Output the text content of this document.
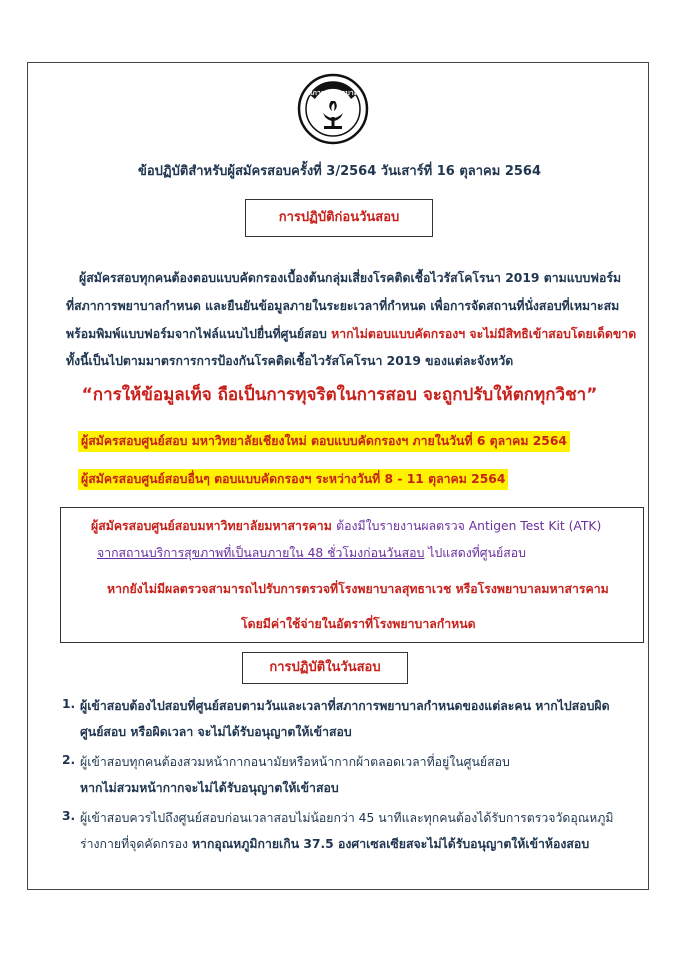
สภาการพยาบาล
ข้อปฏิบัติสำหรับผู้สมัครสอบครั้งที่ 3/2564 วันเสาร์ที่ 16 ตุลาคม 2564
การปฏิบัติก่อนวันสอบ
ผู้สมัครสอบทุกคนต้องตอบแบบคัดกรองเบื้องต้นกลุ่มเสี่ยงโรคติดเชื้อไวรัสโคโรนา 2019 ตามแบบฟอร์ม
ที่สภาการพยาบาลกำหนด และยืนยันข้อมูลภายในระยะเวลาที่กำหนด เพื่อการจัดสถานที่นั่งสอบที่เหมาะสม
พร้อมพิมพ์แบบฟอร์มจากไฟล์แนบไปยื่นที่ศูนย์สอบ หากไม่ตอบแบบคัดกรองฯ จะไม่มีสิทธิเข้าสอบโดยเด็ดขาด
ทั้งนี้เป็นไปตามมาตรการการป้องกันโรคติดเชื้อไวรัสโคโรนา 2019 ของแต่ละจังหวัด
“การให้ข้อมูลเท็จ ถือเป็นการทุจริตในการสอบ จะถูกปรับให้ตกทุกวิชา”
ผู้สมัครสอบศูนย์สอบ มหาวิทยาลัยเชียงใหม่ ตอบแบบคัดกรองฯ ภายในวันที่ 6 ตุลาคม 2564
ผู้สมัครสอบศูนย์สอบอื่นๆ ตอบแบบคัดกรองฯ ระหว่างวันที่ 8 - 11 ตุลาคม 2564
ผู้สมัครสอบศูนย์สอบมหาวิทยาลัยมหาสารคาม ต้องมีใบรายงานผลตรวจ Antigen Test Kit (ATK)
จากสถานบริการสุขภาพที่เป็นลบภายใน 48 ชั่วโมงก่อนวันสอบ ไปแสดงที่ศูนย์สอบ
หากยังไม่มีผลตรวจสามารถไปรับการตรวจที่โรงพยาบาลสุทธาเวช หรือโรงพยาบาลมหาสารคาม
โดยมีค่าใช้จ่ายในอัตราที่โรงพยาบาลกำหนด
การปฏิบัติในวันสอบ
1. ผู้เข้าสอบต้องไปสอบที่ศูนย์สอบตามวันและเวลาที่สภาการพยาบาลกำหนดของแต่ละคน หากไปสอบผิด
ศูนย์สอบ หรือผิดเวลา จะไม่ได้รับอนุญาตให้เข้าสอบ
2. ผู้เข้าสอบทุกคนต้องสวมหน้ากากอนามัยหรือหน้ากากผ้าตลอดเวลาที่อยู่ในศูนย์สอบ
หากไม่สวมหน้ากากจะไม่ได้รับอนุญาตให้เข้าสอบ
3. ผู้เข้าสอบควรไปถึงศูนย์สอบก่อนเวลาสอบไม่น้อยกว่า 45 นาทีและทุกคนต้องได้รับการตรวจวัดอุณหภูมิ
ร่างกายที่จุดคัดกรอง หากอุณหภูมิกายเกิน 37.5 องศาเซลเซียสจะไม่ได้รับอนุญาตให้เข้าห้องสอบ
